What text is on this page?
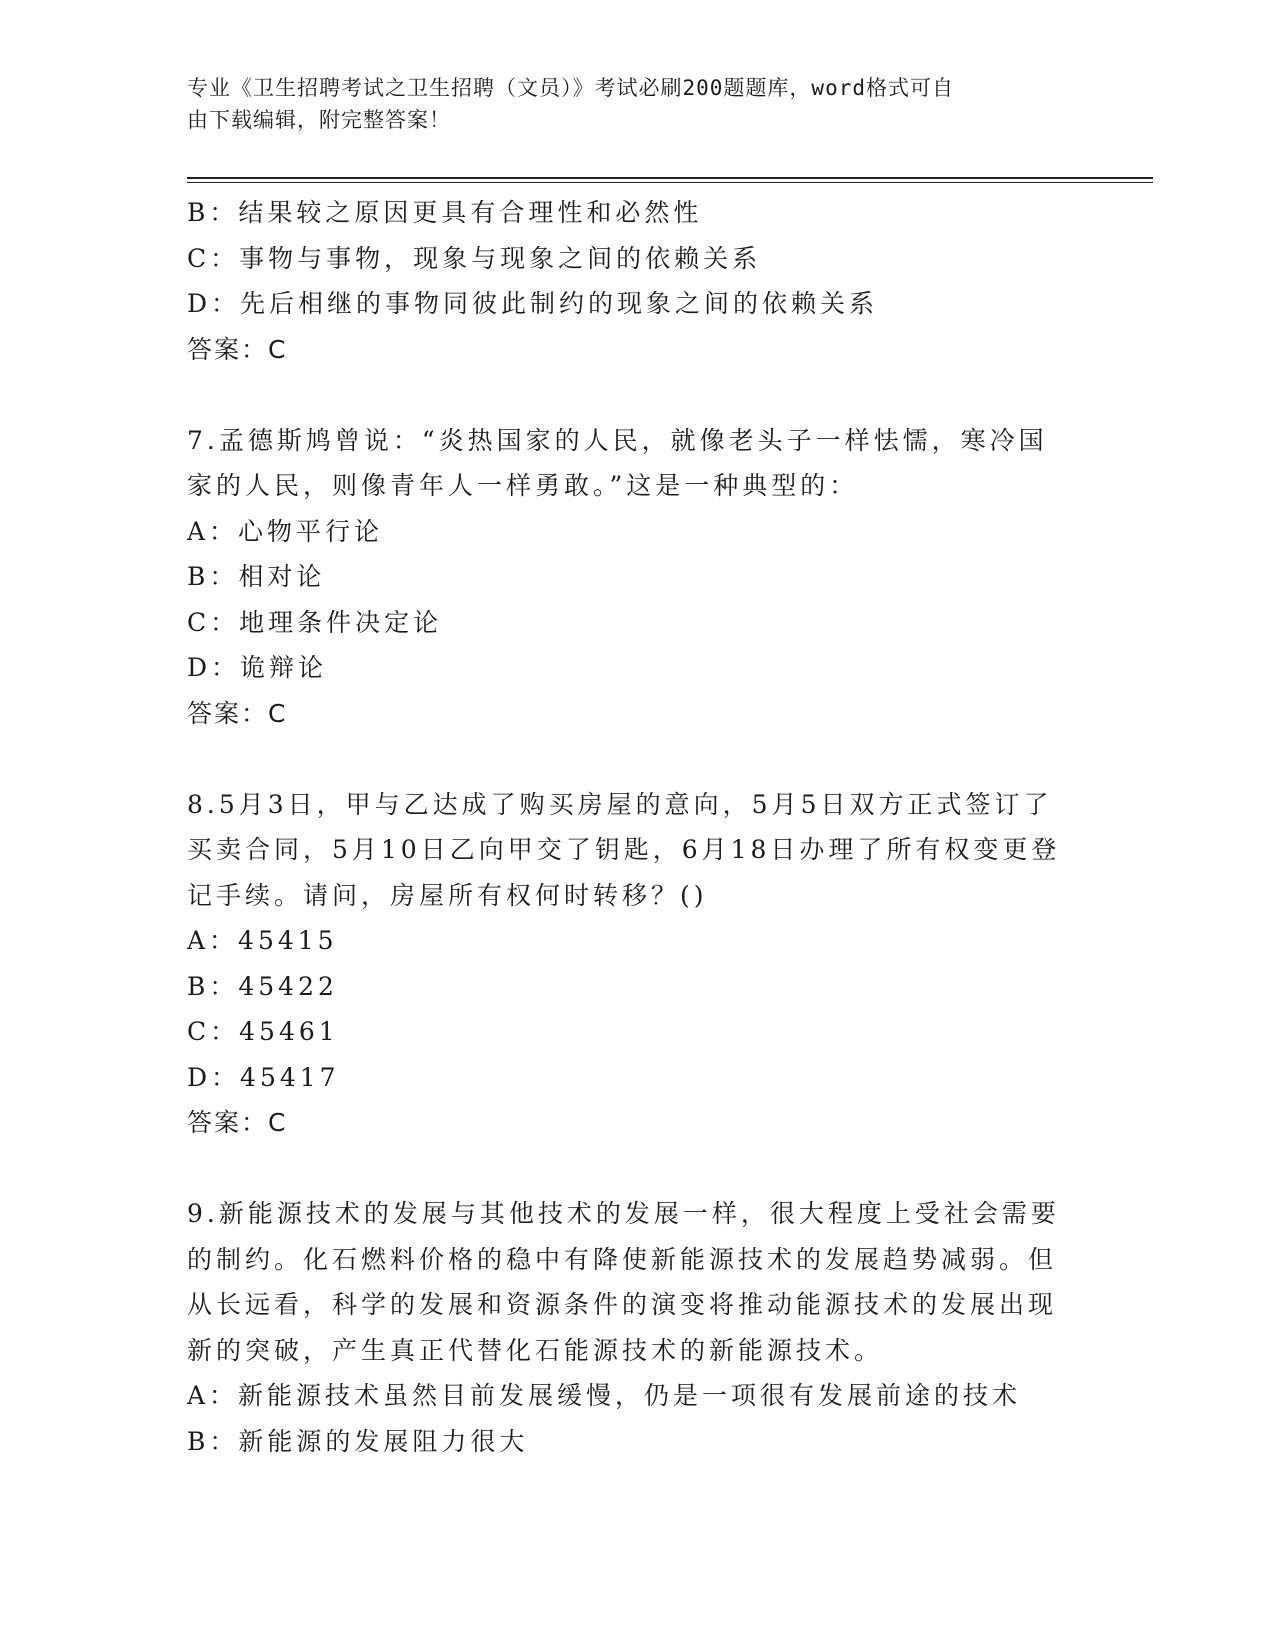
专业《卫生招聘考试之卫生招聘（文员）》考试必刷200题题库，word格式可自
由下载编辑，附完整答案！
B：结果较之原因更具有合理性和必然性
C：事物与事物，现象与现象之间的依赖关系
D：先后相继的事物同彼此制约的现象之间的依赖关系
答案：C
7.孟德斯鸠曾说：“炎热国家的人民，就像老头子一样怯懦，寒冷国
家的人民，则像青年人一样勇敢。”这是一种典型的：
A：心物平行论
B：相对论
C：地理条件决定论
D：诡辩论
答案：C
8.5月3日，甲与乙达成了购买房屋的意向，5月5日双方正式签订了
买卖合同，5月10日乙向甲交了钥匙，6月18日办理了所有权变更登
记手续。请问，房屋所有权何时转移？()
A：45415
B：45422
C：45461
D：45417
答案：C
9.新能源技术的发展与其他技术的发展一样，很大程度上受社会需要
的制约。化石燃料价格的稳中有降使新能源技术的发展趋势减弱。但
从长远看，科学的发展和资源条件的演变将推动能源技术的发展出现
新的突破，产生真正代替化石能源技术的新能源技术。
A：新能源技术虽然目前发展缓慢，仍是一项很有发展前途的技术
B：新能源的发展阻力很大
